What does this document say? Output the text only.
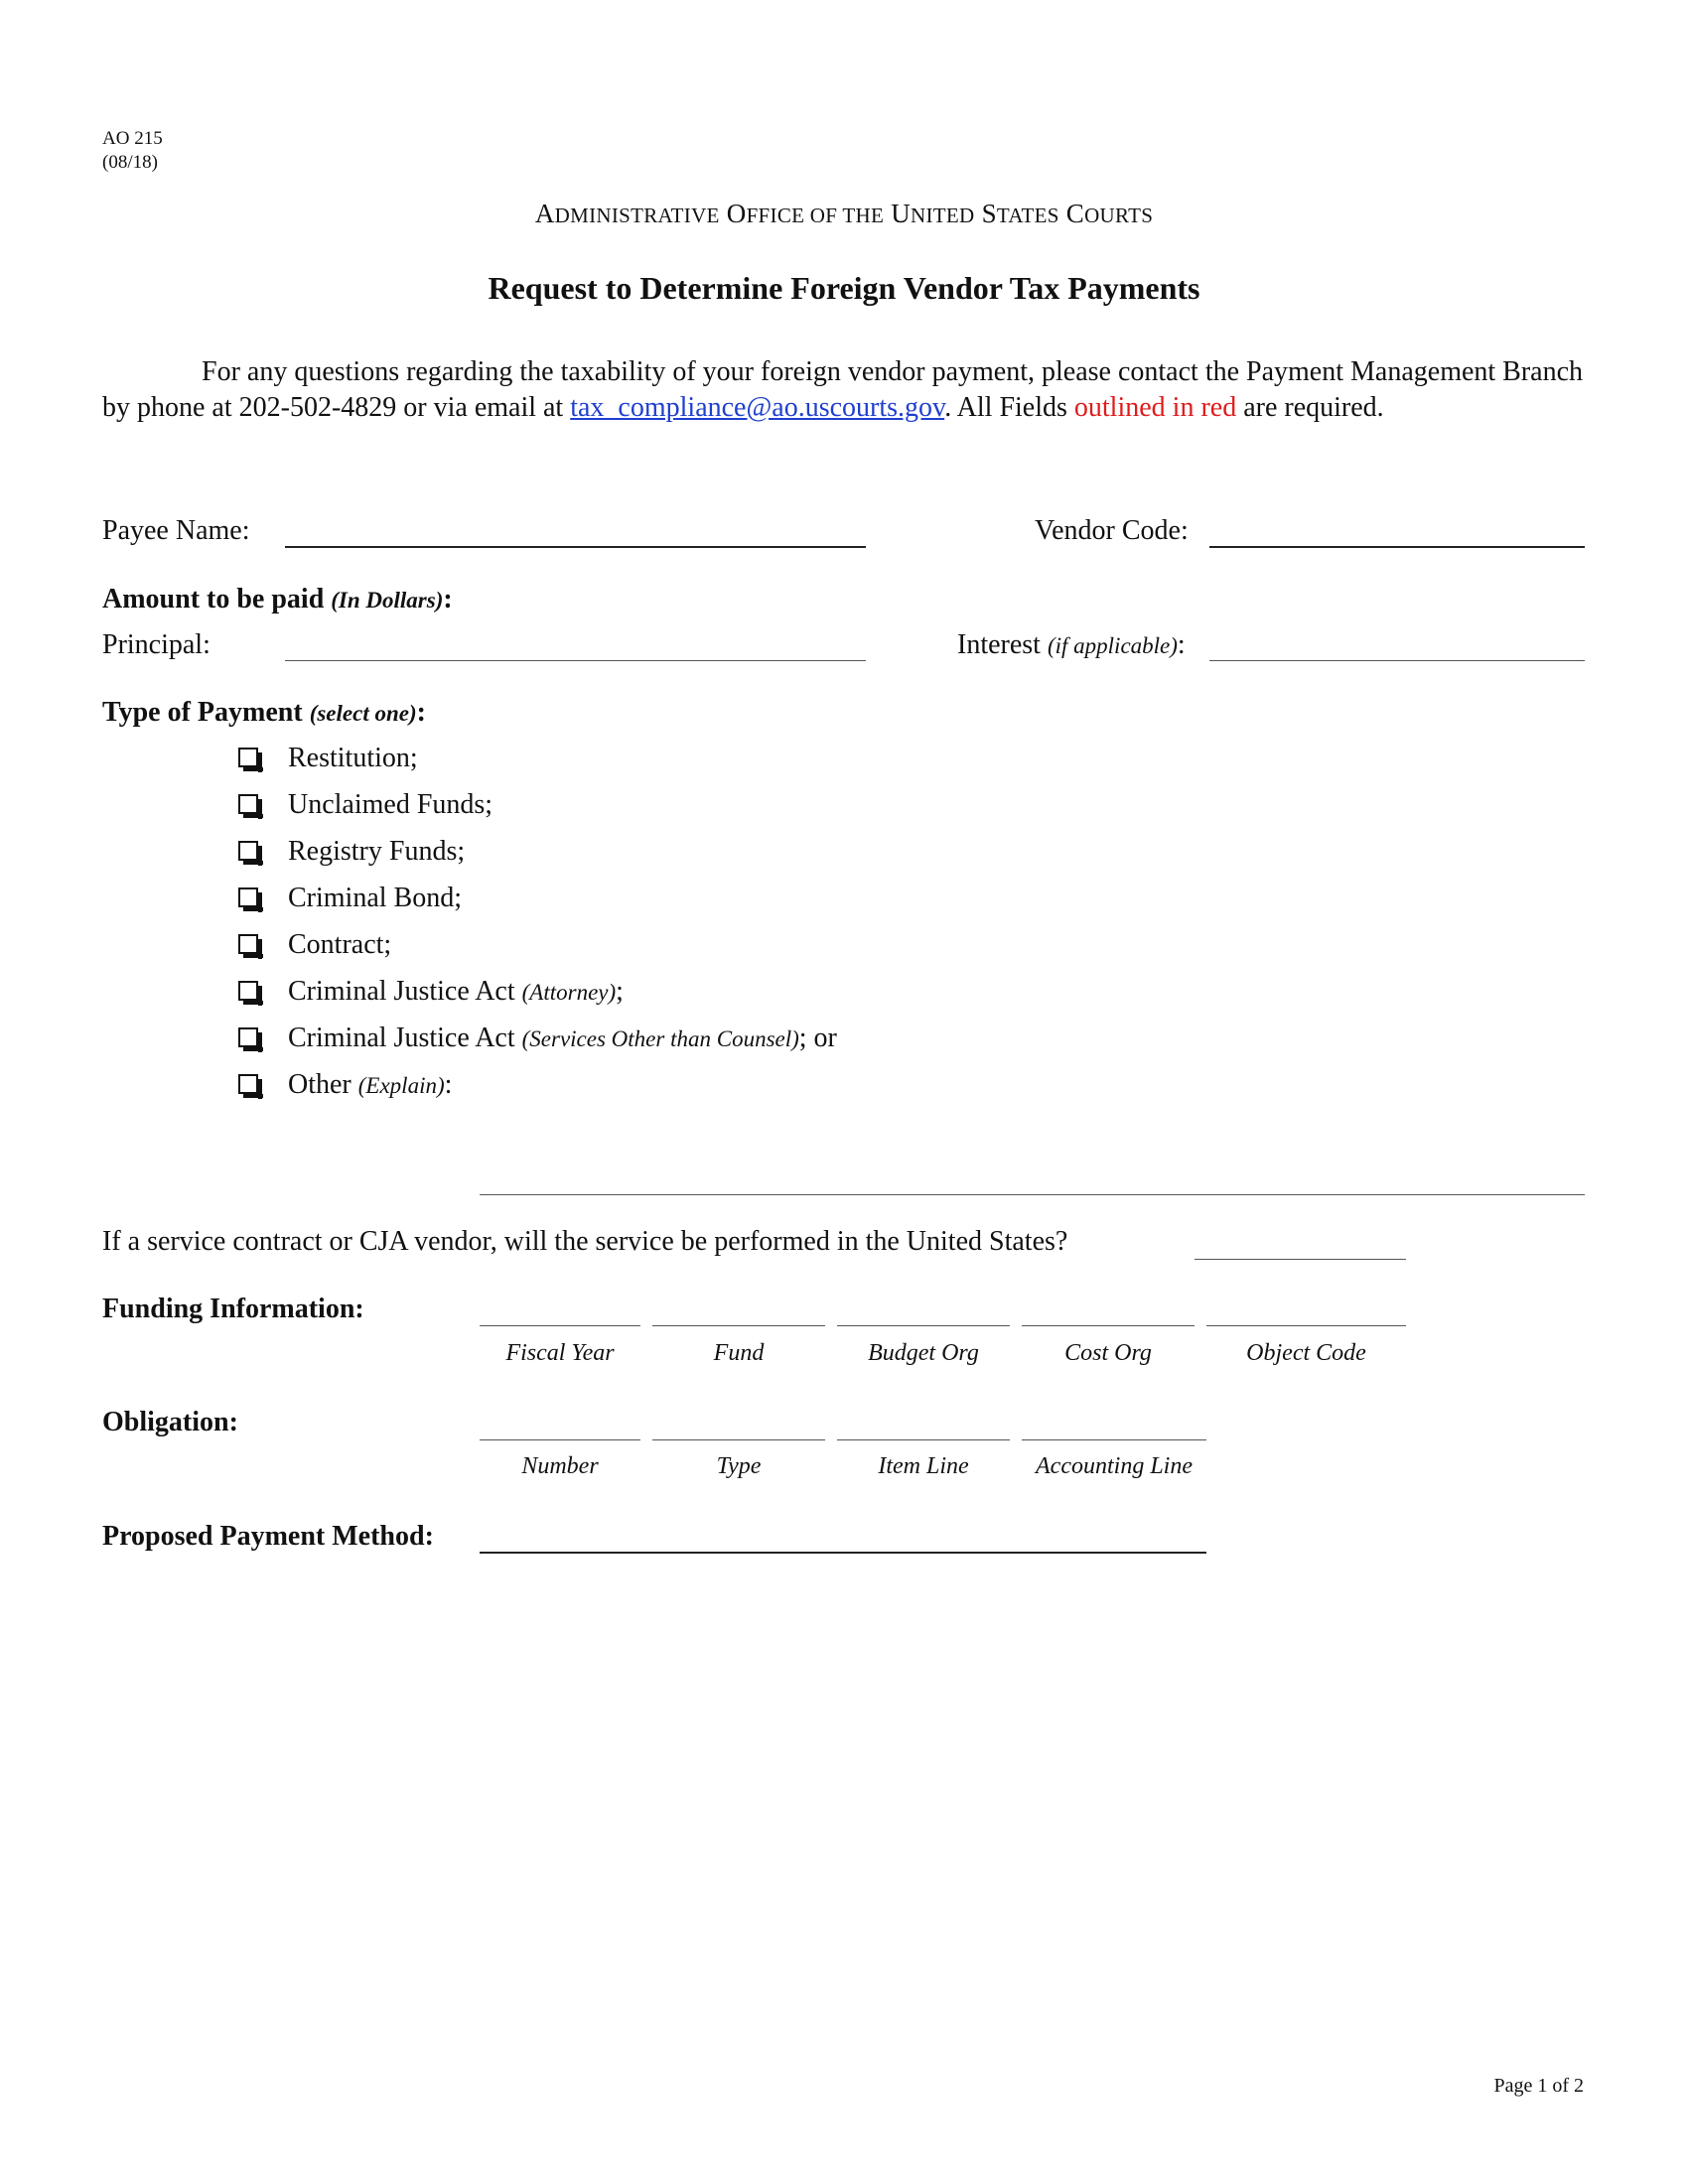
AO 215
(08/18)
ADMINISTRATIVE OFFICE OF THE UNITED STATES COURTS
Request to Determine Foreign Vendor Tax Payments
For any questions regarding the taxability of your foreign vendor payment, please contact the Payment Management Branch by phone at 202-502-4829 or via email at tax_compliance@ao.uscourts.gov. All Fields outlined in red are required.
Payee Name:	Vendor Code:
Amount to be paid (In Dollars):
Principal:	Interest (if applicable):
Type of Payment (select one):
Restitution;
Unclaimed Funds;
Registry Funds;
Criminal Bond;
Contract;
Criminal Justice Act (Attorney);
Criminal Justice Act (Services Other than Counsel); or
Other (Explain):
If a service contract or CJA vendor, will the service be performed in the United States?
Funding Information:
Fiscal Year	Fund	Budget Org	Cost Org	Object Code
Obligation:
Number	Type	Item Line	Accounting Line
Proposed Payment Method:
Page 1 of 2
